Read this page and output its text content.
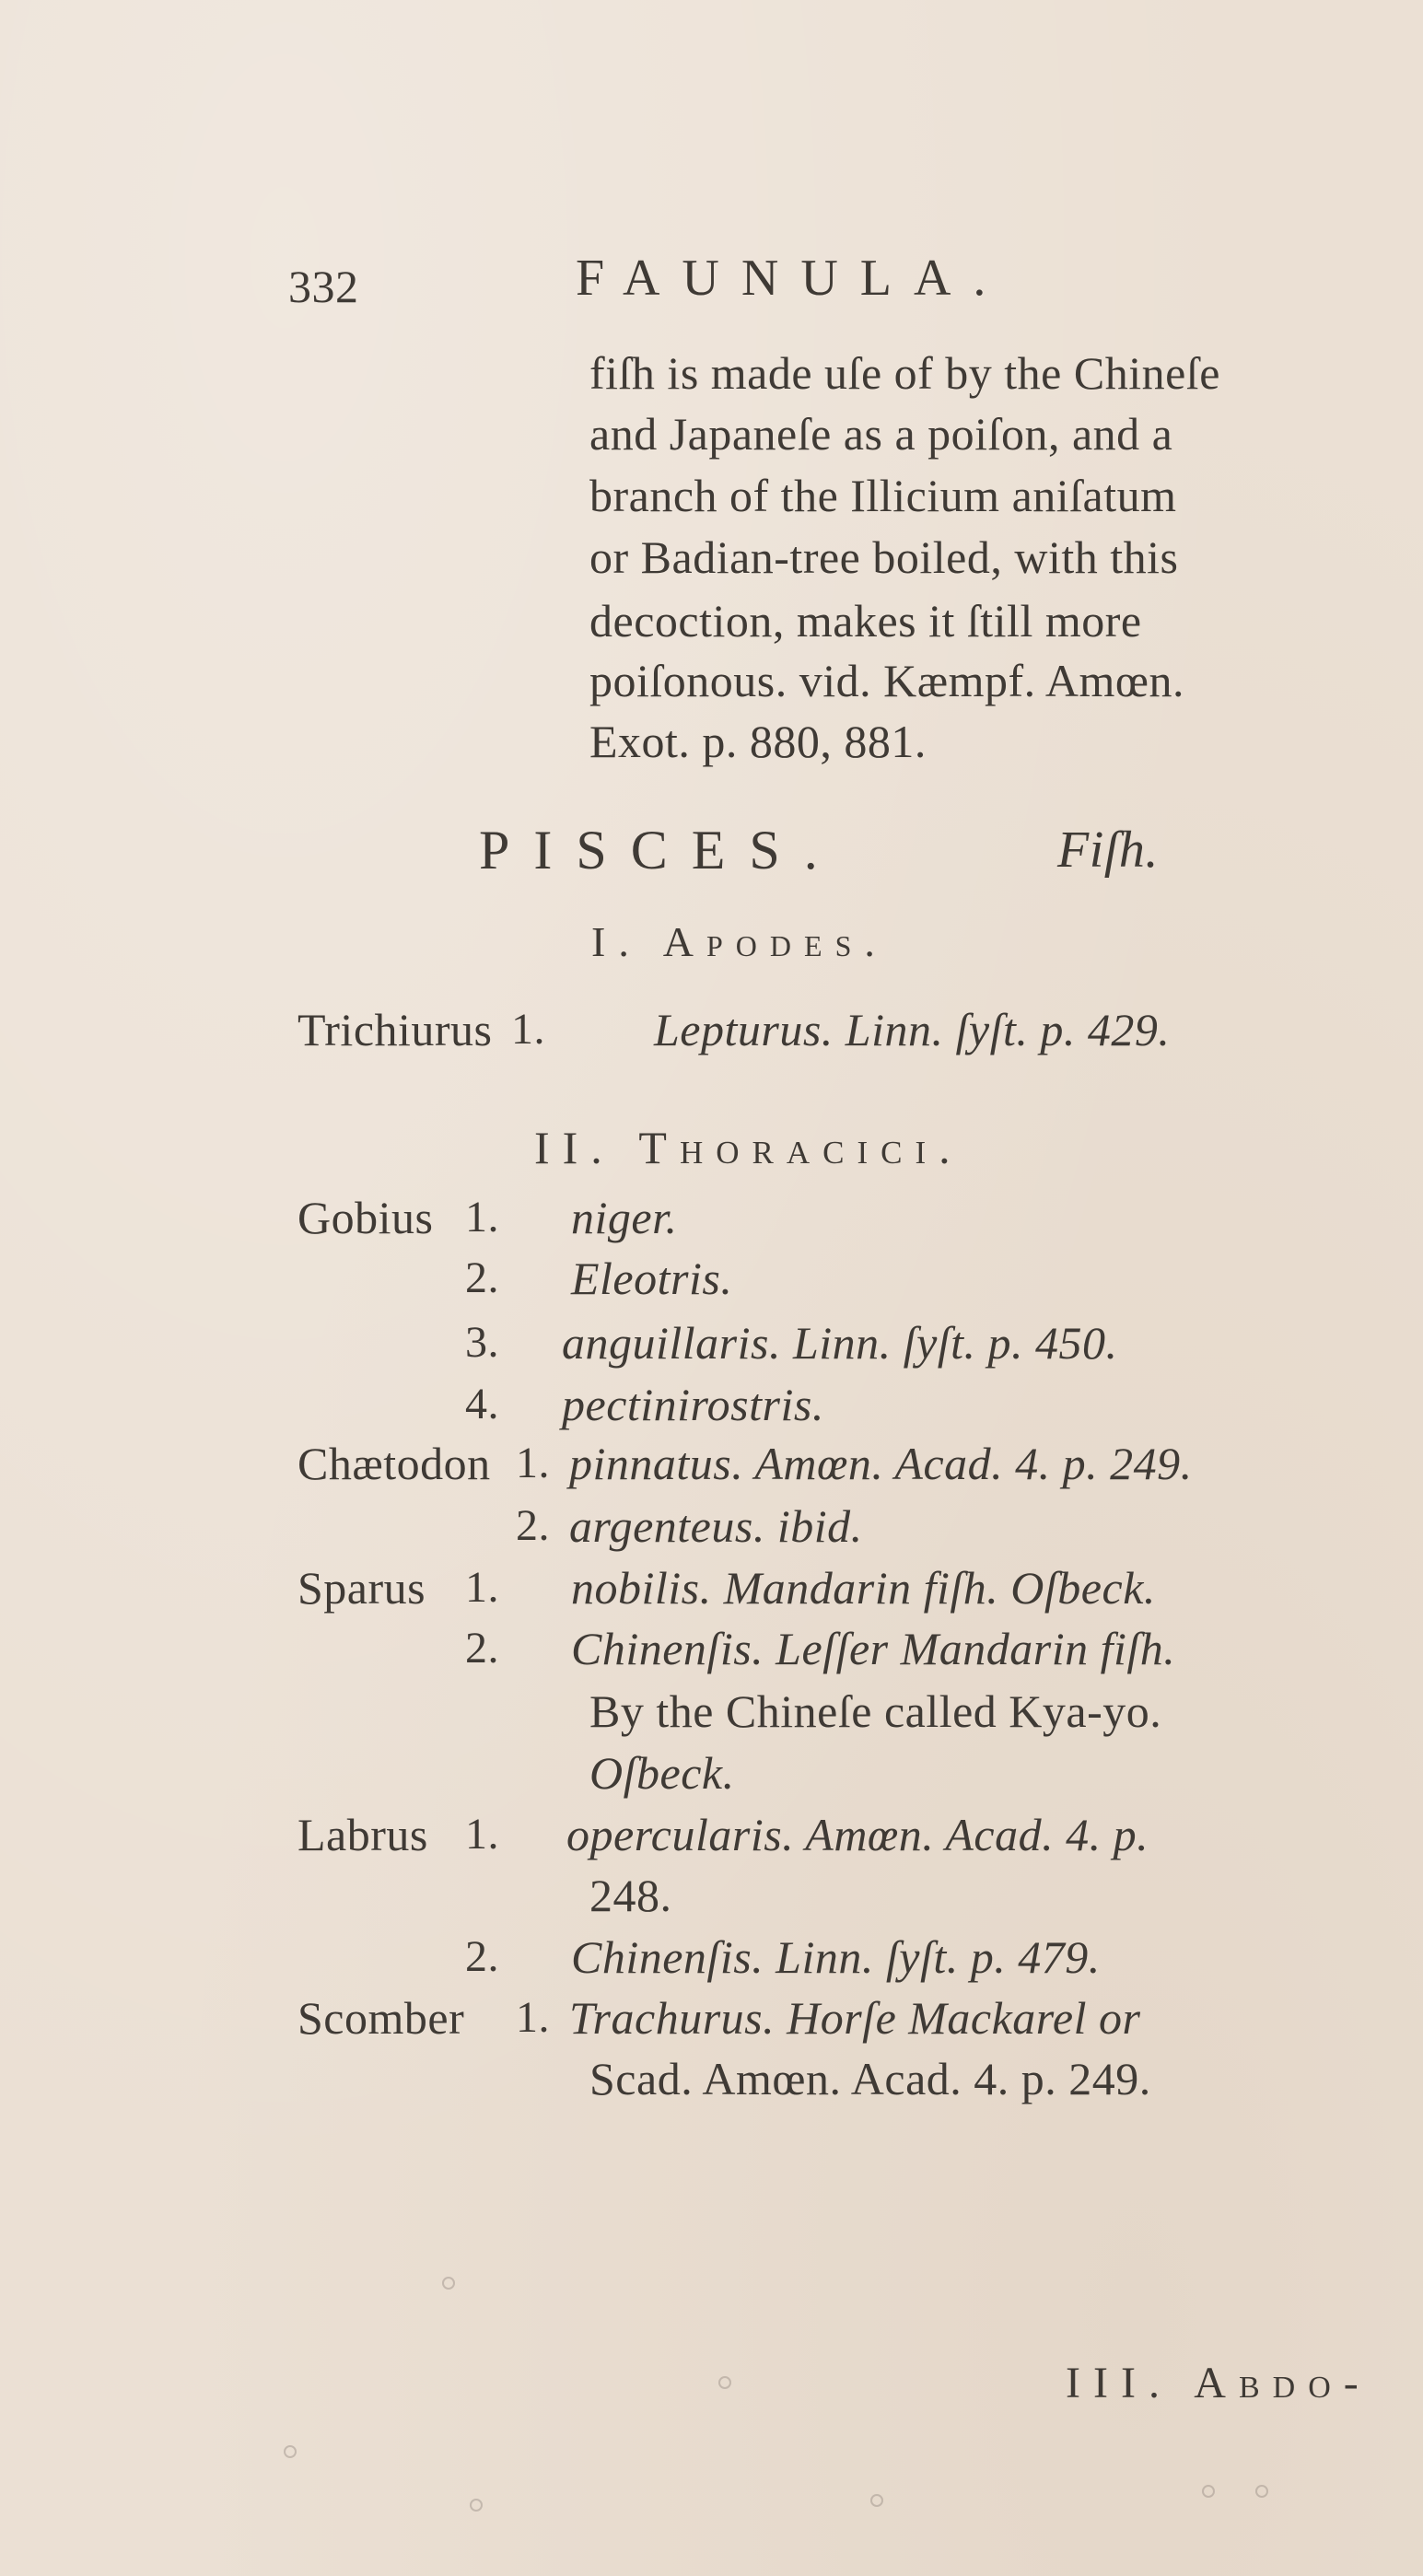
332	FAUNULA.
fiſh is made uſe of by the Chineſe
and Japaneſe as a poiſon, and a
branch of the Illicium aniſatum
or Badian-tree boiled, with this
decoction, makes it ſtill more
poiſonous. vid. Kæmpf. Amœn.
Exot. p. 880, 881.
PISCES.	Fiſh.
I. Apodes.
Trichiurus 1. Lepturus. Linn. ſyſt. p. 429.
II. Thoracici.
Gobius 1. niger.
2. Eleotris.
3. anguillaris. Linn. ſyſt. p. 450.
4. pectinirostris.
Chætodon 1. pinnatus. Amœn. Acad. 4. p. 249.
2. argenteus. ibid.
Sparus 1. nobilis. Mandarin fiſh. Oſbeck.
2. Chinenſis. Leſſer Mandarin fiſh.
By the Chineſe called Kya-yo.
Oſbeck.
Labrus 1. opercularis. Amœn. Acad. 4. p.
248.
2. Chinenſis. Linn. ſyſt. p. 479.
Scomber 1. Trachurus. Horſe Mackarel or
Scad. Amœn. Acad. 4. p. 249.
III. Abdo-
